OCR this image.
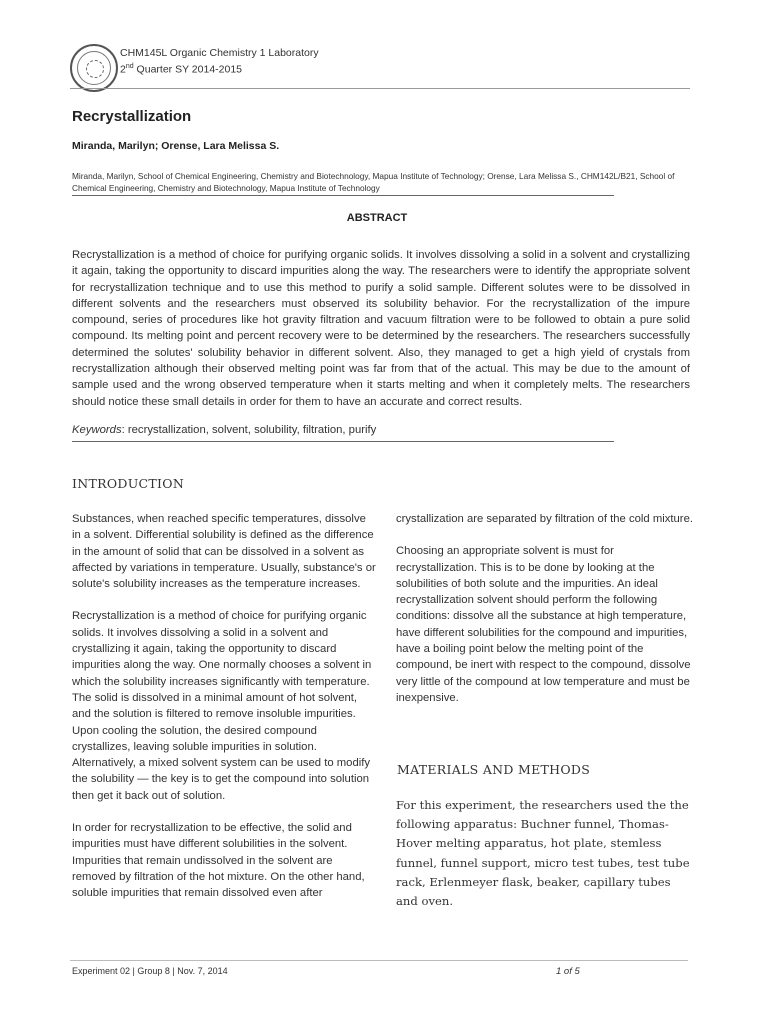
CHM145L Organic Chemistry 1 Laboratory
2nd Quarter SY 2014-2015
Recrystallization
Miranda, Marilyn; Orense, Lara Melissa S.
Miranda, Marilyn, School of Chemical Engineering, Chemistry and Biotechnology, Mapua Institute of Technology; Orense, Lara Melissa S., CHM142L/B21, School of Chemical Engineering, Chemistry and Biotechnology, Mapua Institute of Technology
ABSTRACT
Recrystallization is a method of choice for purifying organic solids. It involves dissolving a solid in a solvent and crystallizing it again, taking the opportunity to discard impurities along the way. The researchers were to identify the appropriate solvent for recrystallization technique and to use this method to purify a solid sample. Different solutes were to be dissolved in different solvents and the researchers must observed its solubility behavior. For the recrystallization of the impure compound, series of procedures like hot gravity filtration and vacuum filtration were to be followed to obtain a pure solid compound. Its melting point and percent recovery were to be determined by the researchers. The researchers successfully determined the solutes' solubility behavior in different solvent. Also, they managed to get a high yield of crystals from recrystallization although their observed melting point was far from that of the actual. This may be due to the amount of sample used and the wrong observed temperature when it starts melting and when it completely melts. The researchers should notice these small details in order for them to have an accurate and correct results.
Keywords: recrystallization, solvent, solubility, filtration, purify
INTRODUCTION

Substances, when reached specific temperatures, dissolve in a solvent. Differential solubility is defined as the difference in the amount of solid that can be dissolved in a solvent as affected by variations in temperature. Usually, substance's or solute's solubility increases as the temperature increases.

Recrystallization is a method of choice for purifying organic solids. It involves dissolving a solid in a solvent and crystallizing it again, taking the opportunity to discard impurities along the way. One normally chooses a solvent in which the solubility increases significantly with temperature. The solid is dissolved in a minimal amount of hot solvent, and the solution is filtered to remove insoluble impurities. Upon cooling the solution, the desired compound crystallizes, leaving soluble impurities in solution. Alternatively, a mixed solvent system can be used to modify the solubility — the key is to get the compound into solution then get it back out of solution.

In order for recrystallization to be effective, the solid and impurities must have different solubilities in the solvent. Impurities that remain undissolved in the solvent are removed by filtration of the hot mixture. On the other hand, soluble impurities that remain dissolved even after

crystallization are separated by filtration of the cold mixture.

Choosing an appropriate solvent is must for recrystallization. This is to be done by looking at the solubilities of both solute and the impurities. An ideal recrystallization solvent should perform the following conditions: dissolve all the substance at high temperature, have different solubilities for the compound and impurities, have a boiling point below the melting point of the compound, be inert with respect to the compound, dissolve very little of the compound at low temperature and must be inexpensive.

MATERIALS AND METHODS
For this experiment, the researchers used the the following apparatus: Buchner funnel, Thomas-Hover melting apparatus, hot plate, stemless funnel, funnel support, micro test tubes, test tube rack, Erlenmeyer flask, beaker, capillary tubes and oven.
Experiment 02 | Group 8 | Nov. 7, 2014	1 of 5
